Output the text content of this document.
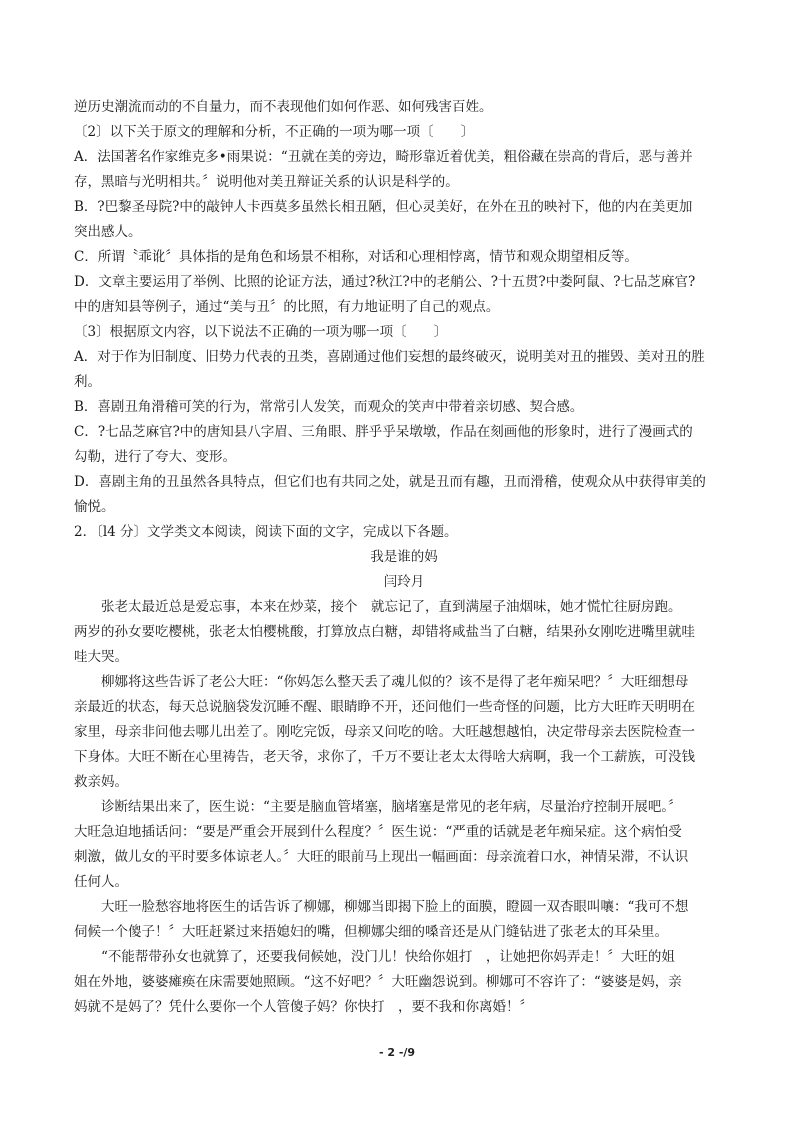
逆历史潮流而动的不自量力，而不表现他们如何作恶、如何残害百姓。

〔2〕以下关于原文的理解和分析，不正确的一项为哪一项〔　　〕

A．法国著名作家维克多•雨果说：“丑就在美的旁边，畸形靠近着优美，粗俗藏在崇高的背后，恶与善并

存，黑暗与光明相共。〞说明他对美丑辩证关系的认识是科学的。

B．?巴黎圣母院?中的敲钟人卡西莫多虽然长相丑陋，但心灵美好，在外在丑的映衬下，他的内在美更加

突出感人。

C．所谓〝乖讹〞具体指的是角色和场景不相称，对话和心理相悖离，情节和观众期望相反等。

D．文章主要运用了举例、比照的论证方法，通过?秋江?中的老艄公、?十五贯?中娄阿鼠、?七品芝麻官?

中的唐知县等例子，通过“美与丑〞的比照，有力地证明了自己的观点。

〔3〕根据原文内容，以下说法不正确的一项为哪一项〔　　〕

A．对于作为旧制度、旧势力代表的丑类，喜剧通过他们妄想的最终破灭，说明美对丑的摧毁、美对丑的胜

利。

B．喜剧丑角滑稽可笑的行为，常常引人发笑，而观众的笑声中带着亲切感、契合感。

C．?七品芝麻官?中的唐知县八字眉、三角眼、胖乎乎呆墩墩，作品在刻画他的形象时，进行了漫画式的

勾勒，进行了夸大、变形。

D．喜剧主角的丑虽然各具特点，但它们也有共同之处，就是丑而有趣，丑而滑稽，使观众从中获得审美的

愉悦。

2．〔l4 分〕文学类文本阅读，阅读下面的文字，完成以下各题。

我是谁的妈

闫玲月

张老太最近总是爱忘事，本来在炒菜，接个　就忘记了，直到满屋子油烟味，她才慌忙往厨房跑。

两岁的孙女要吃樱桃，张老太怕樱桃酸，打算放点白糖，却错将咸盐当了白糖，结果孙女刚吃进嘴里就哇

哇大哭。

柳娜将这些告诉了老公大旺：“你妈怎么整天丢了魂儿似的？该不是得了老年痴呆吧？〞大旺细想母

亲最近的状态，每天总说脑袋发沉睡不醒、眼睛睁不开，还问他们一些奇怪的问题，比方大旺昨天明明在

家里，母亲非问他去哪儿出差了。刚吃完饭，母亲又问吃的啥。大旺越想越怕，决定带母亲去医院检查一

下身体。大旺不断在心里祷告，老天爷，求你了，千万不要让老太太得啥大病啊，我一个工薪族，可没钱

救亲妈。

诊断结果出来了，医生说：“主要是脑血管堵塞，脑堵塞是常见的老年病，尽量治疗控制开展吧。〞

大旺急迫地插话问：“要是严重会开展到什么程度？〞医生说：“严重的话就是老年痴呆症。这个病怕受

刺激，做儿女的平时要多体谅老人。〞大旺的眼前马上现出一幅画面：母亲流着口水，神情呆滞，不认识

任何人。

大旺一脸愁容地将医生的话告诉了柳娜，柳娜当即揭下脸上的面膜，瞪圆一双杏眼叫嚷：“我可不想

伺候一个傻子！〞大旺赶紧过来捂媳妇的嘴，但柳娜尖细的嗓音还是从门缝钻进了张老太的耳朵里。

“不能帮带孙女也就算了，还要我伺候她，没门儿！快给你姐打　，让她把你妈弄走！〞大旺的姐

姐在外地，婆婆瘫痪在床需要她照顾。“这不好吧？〞大旺幽怨说到。柳娜可不容许了：“婆婆是妈，亲

妈就不是妈了？凭什么要你一个人管傻子妈？你快打　，要不我和你离婚！〞

- 2 -/9
